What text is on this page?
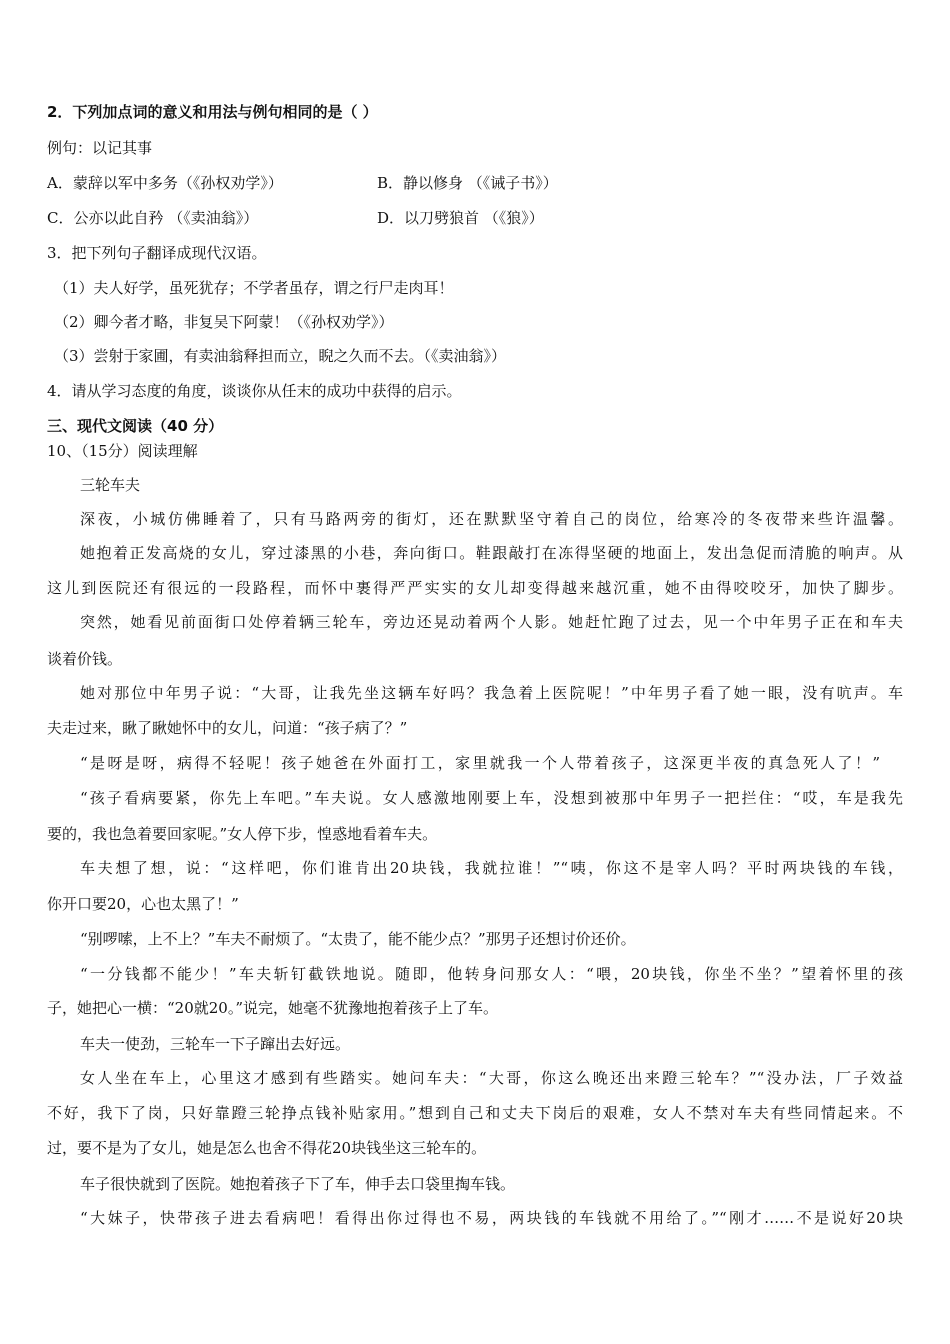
2．下列加点词的意义和用法与例句相同的是（ ）
例句：以记其事
A．蒙辞以军中多务（《孙权劝学》）	B．静以修身 （《诫子书》）
C．公亦以此自矜 （《卖油翁》）	D．以刀劈狼首 （《狼》）
3．把下列句子翻译成现代汉语。
（1）夫人好学，虽死犹存；不学者虽存，谓之行尸走肉耳！
（2）卿今者才略，非复吴下阿蒙！（《孙权劝学》）
（3）尝射于家圃，有卖油翁释担而立，睨之久而不去。（《卖油翁》）
4．请从学习态度的角度，谈谈你从任末的成功中获得的启示。
三、现代文阅读（40 分）
10、（15分）阅读理解
三轮车夫
深夜，小城仿佛睡着了，只有马路两旁的街灯，还在默默坚守着自己的岗位，给寒冷的冬夜带来些许温馨。
她抱着正发高烧的女儿，穿过漆黑的小巷，奔向街口。鞋跟敲打在冻得坚硬的地面上，发出急促而清脆的响声。从
这儿到医院还有很远的一段路程，而怀中裹得严严实实的女儿却变得越来越沉重，她不由得咬咬牙，加快了脚步。
突然，她看见前面街口处停着辆三轮车，旁边还晃动着两个人影。她赶忙跑了过去，见一个中年男子正在和车夫
谈着价钱。
她对那位中年男子说：“大哥，让我先坐这辆车好吗？我急着上医院呢！”中年男子看了她一眼，没有吭声。车
夫走过来，瞅了瞅她怀中的女儿，问道：“孩子病了？”
“是呀是呀，病得不轻呢！孩子她爸在外面打工，家里就我一个人带着孩子，这深更半夜的真急死人了！”
“孩子看病要紧，你先上车吧。”车夫说。女人感激地刚要上车，没想到被那中年男子一把拦住：“哎，车是我先
要的，我也急着要回家呢。”女人停下步，惶惑地看着车夫。
车夫想了想，说：“这样吧，你们谁肯出20块钱，我就拉谁！”“咦，你这不是宰人吗？平时两块钱的车钱，
你开口要20，心也太黑了！”
“别啰嗦，上不上？”车夫不耐烦了。“太贵了，能不能少点？”那男子还想讨价还价。
“一分钱都不能少！”车夫斩钉截铁地说。随即，他转身问那女人：“喂，20块钱，你坐不坐？”望着怀里的孩
子，她把心一横：“20就20。”说完，她毫不犹豫地抱着孩子上了车。
车夫一使劲，三轮车一下子蹿出去好远。
女人坐在车上，心里这才感到有些踏实。她问车夫：“大哥，你这么晚还出来蹬三轮车？”“没办法，厂子效益
不好，我下了岗，只好靠蹬三轮挣点钱补贴家用。”想到自己和丈夫下岗后的艰难，女人不禁对车夫有些同情起来。不
过，要不是为了女儿，她是怎么也舍不得花20块钱坐这三轮车的。
车子很快就到了医院。她抱着孩子下了车，伸手去口袋里掏车钱。
“大妹子，快带孩子进去看病吧！看得出你过得也不易，两块钱的车钱就不用给了。”“刚才……不是说好20块
